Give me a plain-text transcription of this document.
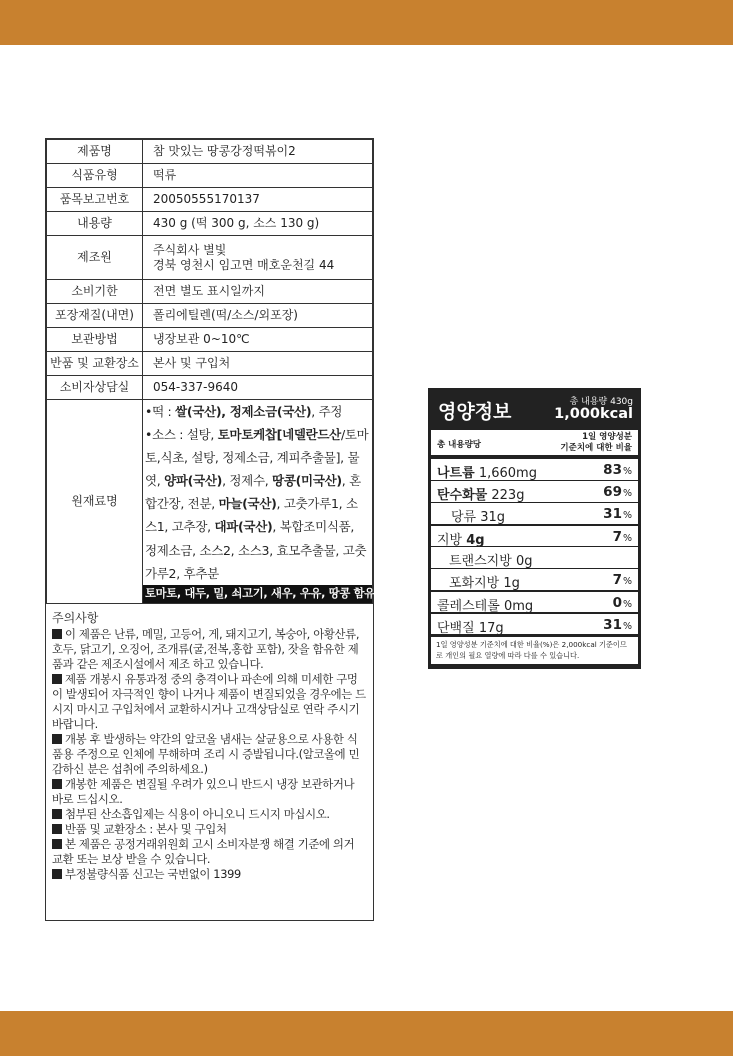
제품명	참 맛있는 땅콩강정떡볶이2
식품유형	떡류
품목보고번호	20050555170137
내용량	430 g (떡 300 g, 소스 130 g)
제조원	주식회사 별빛
경북 영천시 임고면 매호운천길 44

소비기한	전면 별도 표시일까지
포장재질(내면)	폴리에틸렌(떡/소스/외포장)
보관방법	냉장보관 0~10℃
반품 및 교환장소	본사 및 구입처
소비자상담실	054-337-9640
원재료명	•떡 : 쌀(국산), 정제소금(국산), 주정
•소스 : 설탕, 토마토케찹[네델란드산/토마토,식초, 설탕, 정제소금, 계피추출물], 물엿, 양파(국산), 정제수, 땅콩(미국산), 혼합간장, 전분, 마늘(국산), 고춧가루1, 소스1, 고추장, 대파(국산), 복합조미식품, 정제소금, 소스2, 소스3, 효모추출물, 고춧가루2, 후추분
토마토, 대두, 밀, 쇠고기, 새우, 우유, 땅콩 함유
주의사항
이 제품은 난류, 메밀, 고등어, 게, 돼지고기, 복숭아, 아황산류, 호두, 닭고기, 오징어, 조개류(굴,전복,홍합 포함), 잣을 함유한 제품과 같은 제조시설에서 제조 하고 있습니다.
제품 개봉시 유통과정 중의 충격이나 파손에 의해 미세한 구멍이 발생되어 자극적인 향이 나거나 제품이 변질되었을 경우에는 드시지 마시고 구입처에서 교환하시거나 고객상담실로 연락 주시기 바랍니다.
개봉 후 발생하는 약간의 알코올 냄새는 살균용으로 사용한 식품용 주정으로 인체에 무해하며 조리 시 증발됩니다.(알코올에 민감하신 분은 섭취에 주의하세요.)
개봉한 제품은 변질될 우려가 있으니 반드시 냉장 보관하거나 바로 드십시오.
첨부된 산소흡입제는 식용이 아니오니 드시지 마십시오.
반품 및 교환장소 : 본사 및 구입처
본 제품은 공정거래위원회 고시 소비자분쟁 해결 기준에 의거 교환 또는 보상 받을 수 있습니다.
부정불량식품 신고는 국번없이 1399
영양정보	총 내용량 430g
1,000kcal
총 내용량당
1일 영양성분
기준치에 대한 비율
나트륨 1,660mg	83%
탄수화물 223g	69%
당류 31g	31%
지방 4g	7%
트랜스지방 0g
포화지방 1g	7%
콜레스테롤 0mg	0%
단백질 17g	31%
1일 영양성분 기준치에 대한 비율(%)은 2,000kcal 기준이므로 개인의 필요 열량에 따라 다를 수 있습니다.
